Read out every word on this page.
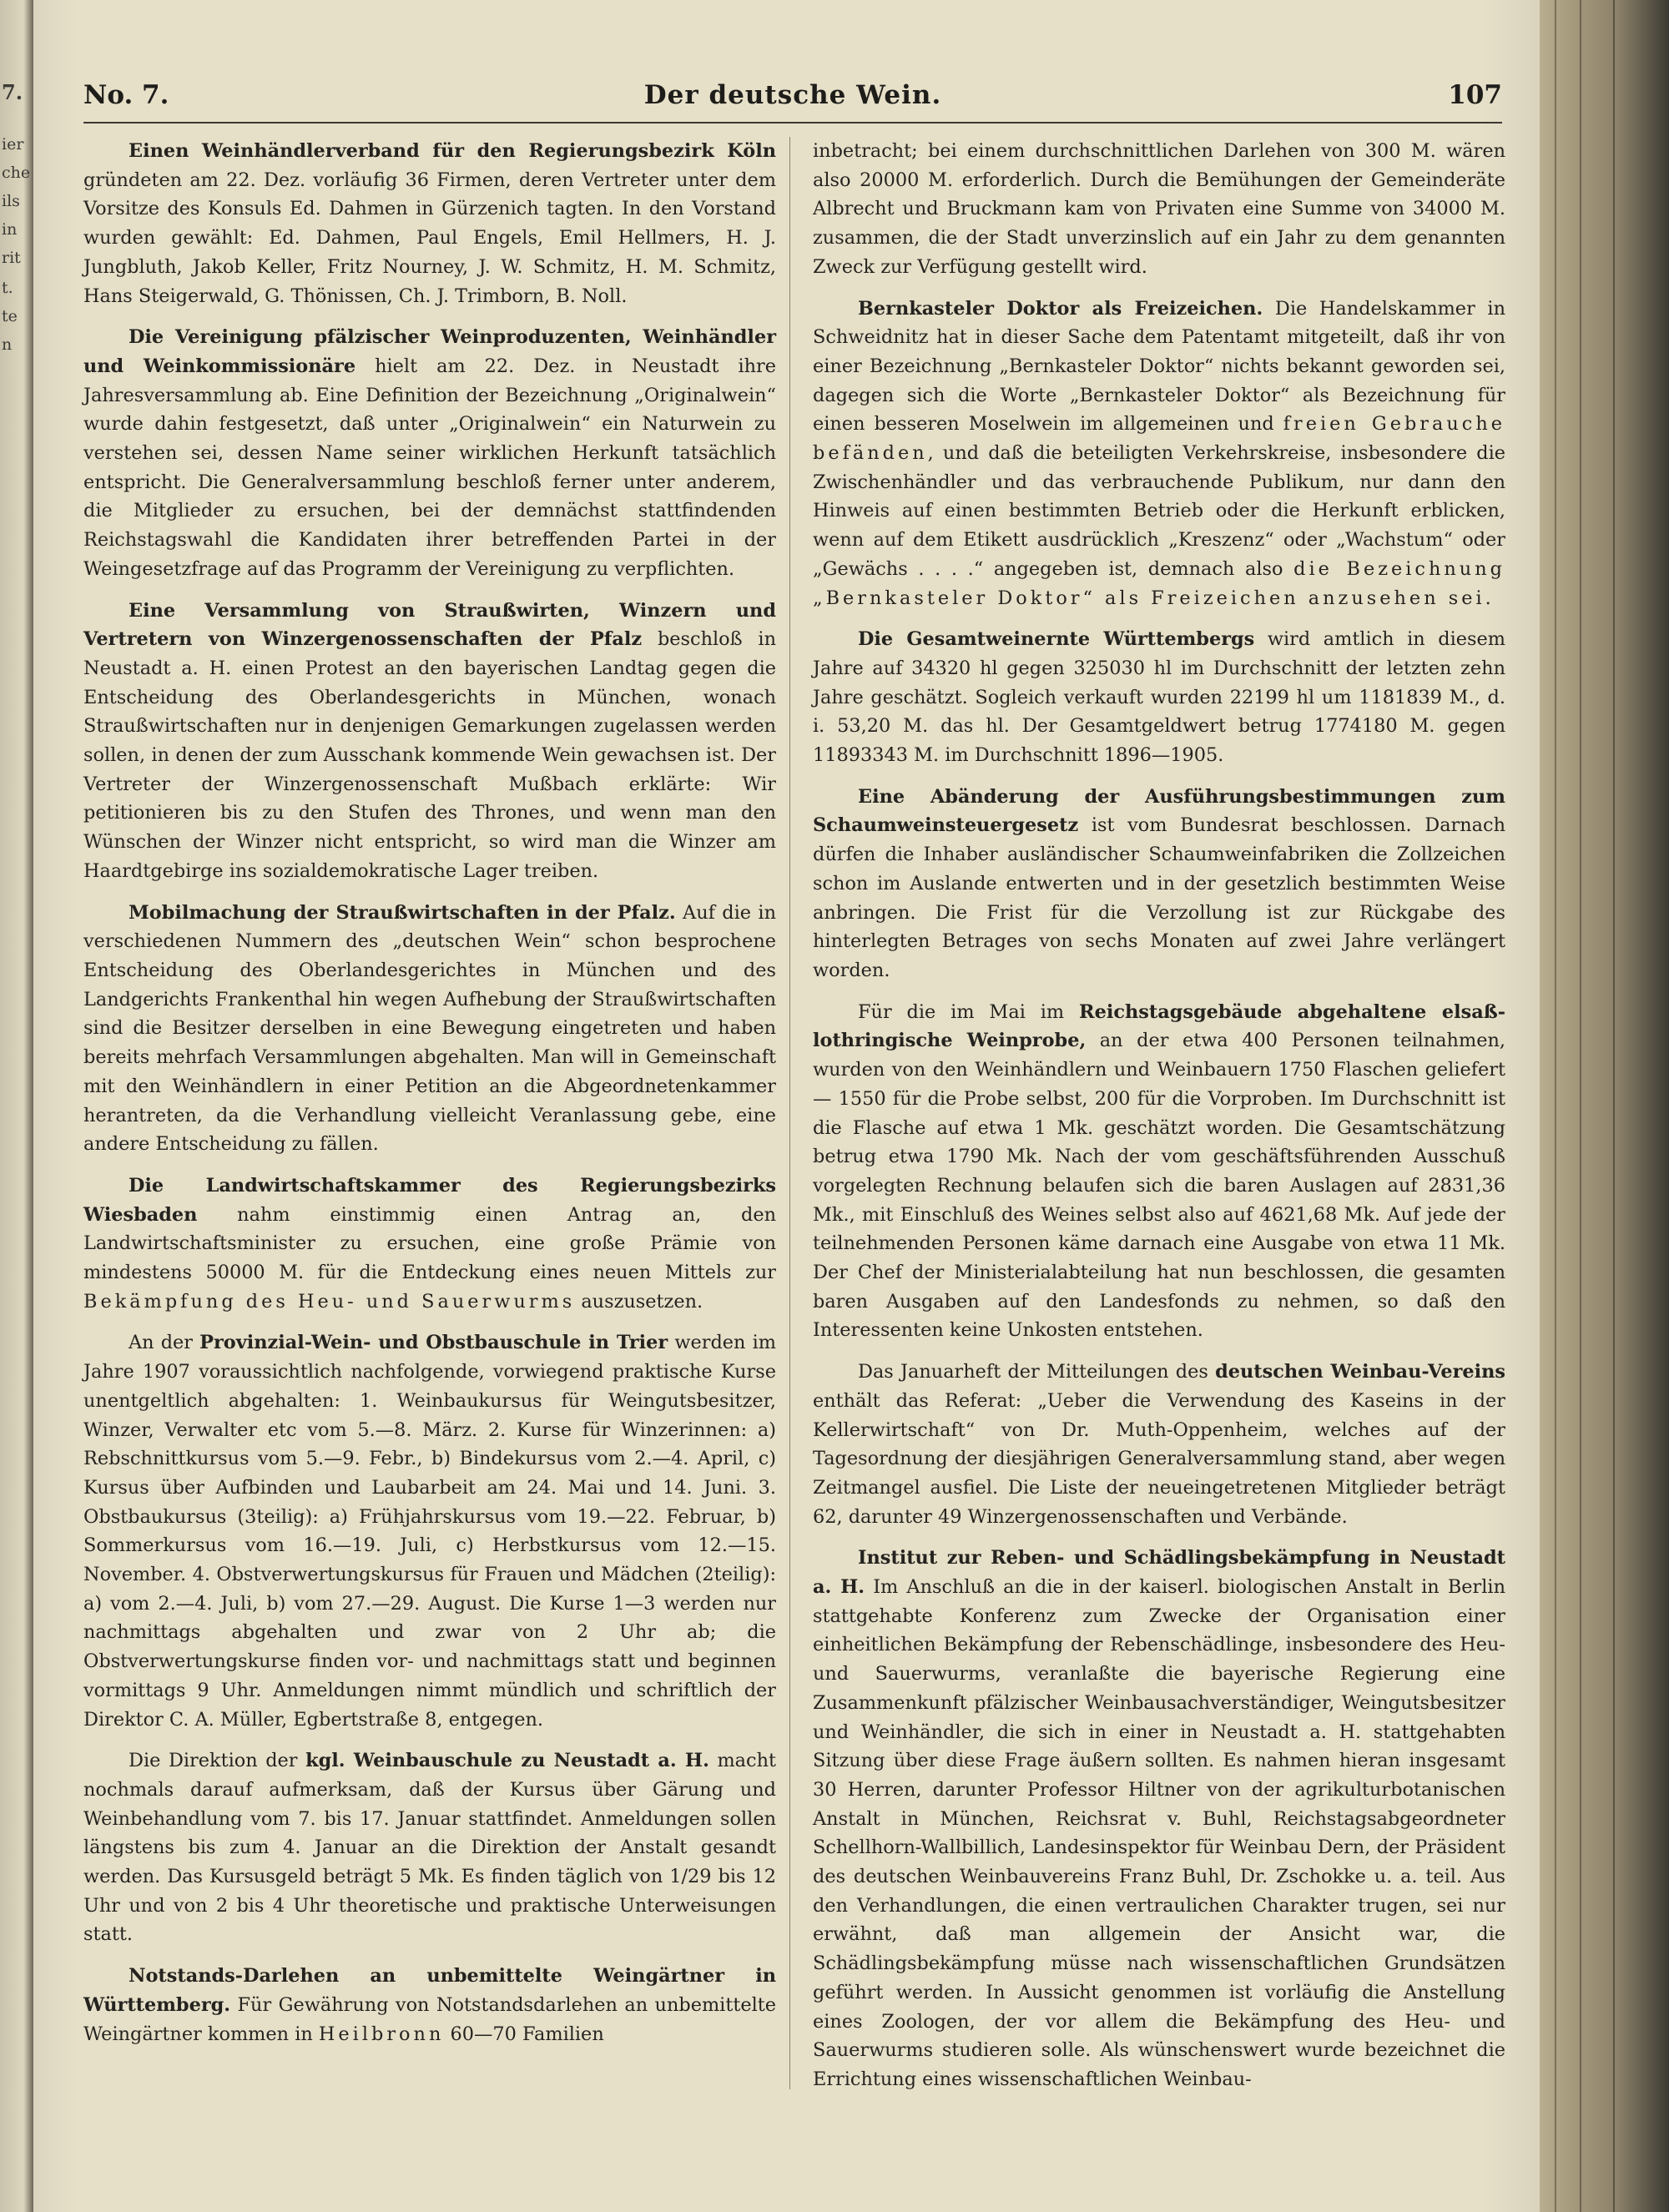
7.
ier
che
ils
in
rit
t.
te
n
No. 7.	Der deutsche Wein.	107

Einen Weinhändlerverband für den Regierungsbezirk Köln gründeten am 22. Dez. vorläufig 36 Firmen, deren Vertreter unter dem Vorsitze des Konsuls Ed. Dahmen in Gürzenich tagten. In den Vorstand wurden gewählt: Ed. Dahmen, Paul Engels, Emil Hellmers, H. J. Jungbluth, Jakob Keller, Fritz Nourney, J. W. Schmitz, H. M. Schmitz, Hans Steigerwald, G. Thönissen, Ch. J. Trimborn, B. Noll.

Die Vereinigung pfälzischer Weinproduzenten, Weinhändler und Weinkommissionäre hielt am 22. Dez. in Neustadt ihre Jahresversammlung ab. Eine Definition der Bezeichnung „Originalwein“ wurde dahin festgesetzt, daß unter „Originalwein“ ein Naturwein zu verstehen sei, dessen Name seiner wirklichen Herkunft tatsächlich entspricht. Die Generalversammlung beschloß ferner unter anderem, die Mitglieder zu ersuchen, bei der demnächst stattfindenden Reichstagswahl die Kandidaten ihrer betreffenden Partei in der Weingesetzfrage auf das Programm der Vereinigung zu verpflichten.

Eine Versammlung von Straußwirten, Winzern und Vertretern von Winzergenossenschaften der Pfalz beschloß in Neustadt a. H. einen Protest an den bayerischen Landtag gegen die Entscheidung des Oberlandesgerichts in München, wonach Straußwirtschaften nur in denjenigen Gemarkungen zugelassen werden sollen, in denen der zum Ausschank kommende Wein gewachsen ist. Der Vertreter der Winzergenossenschaft Mußbach erklärte: Wir petitionieren bis zu den Stufen des Thrones, und wenn man den Wünschen der Winzer nicht entspricht, so wird man die Winzer am Haardtgebirge ins sozialdemokratische Lager treiben.

Mobilmachung der Straußwirtschaften in der Pfalz. Auf die in verschiedenen Nummern des „deutschen Wein“ schon besprochene Entscheidung des Oberlandesgerichtes in München und des Landgerichts Frankenthal hin wegen Aufhebung der Straußwirtschaften sind die Besitzer derselben in eine Bewegung eingetreten und haben bereits mehrfach Versammlungen abgehalten. Man will in Gemeinschaft mit den Weinhändlern in einer Petition an die Abgeordnetenkammer herantreten, da die Verhandlung vielleicht Veranlassung gebe, eine andere Entscheidung zu fällen.

Die Landwirtschaftskammer des Regierungsbezirks Wiesbaden nahm einstimmig einen Antrag an, den Landwirtschaftsminister zu ersuchen, eine große Prämie von mindestens 50000 M. für die Entdeckung eines neuen Mittels zur Bekämpfung des Heu- und Sauerwurms auszusetzen.

An der Provinzial-Wein- und Obstbauschule in Trier werden im Jahre 1907 voraussichtlich nachfolgende, vorwiegend praktische Kurse unentgeltlich abgehalten: 1. Weinbaukursus für Weingutsbesitzer, Winzer, Verwalter etc vom 5.—8. März. 2. Kurse für Winzerinnen: a) Rebschnittkursus vom 5.—9. Febr., b) Bindekursus vom 2.—4. April, c) Kursus über Aufbinden und Laubarbeit am 24. Mai und 14. Juni. 3. Obstbaukursus (3teilig): a) Frühjahrskursus vom 19.—22. Februar, b) Sommerkursus vom 16.—19. Juli, c) Herbstkursus vom 12.—15. November. 4. Obstverwertungskursus für Frauen und Mädchen (2teilig): a) vom 2.—4. Juli, b) vom 27.—29. August. Die Kurse 1—3 werden nur nachmittags abgehalten und zwar von 2 Uhr ab; die Obstverwertungskurse finden vor- und nachmittags statt und beginnen vormittags 9 Uhr. Anmeldungen nimmt mündlich und schriftlich der Direktor C. A. Müller, Egbertstraße 8, entgegen.

Die Direktion der kgl. Weinbauschule zu Neustadt a. H. macht nochmals darauf aufmerksam, daß der Kursus über Gärung und Weinbehandlung vom 7. bis 17. Januar stattfindet. Anmeldungen sollen längstens bis zum 4. Januar an die Direktion der Anstalt gesandt werden. Das Kursusgeld beträgt 5 Mk. Es finden täglich von 1/29 bis 12 Uhr und von 2 bis 4 Uhr theoretische und praktische Unterweisungen statt.

Notstands-Darlehen an unbemittelte Weingärtner in Württemberg. Für Gewährung von Notstandsdarlehen an unbemittelte Weingärtner kommen in Heilbronn 60—70 Familien

inbetracht; bei einem durchschnittlichen Darlehen von 300 M. wären also 20000 M. erforderlich. Durch die Bemühungen der Gemeinderäte Albrecht und Bruckmann kam von Privaten eine Summe von 34000 M. zusammen, die der Stadt unverzinslich auf ein Jahr zu dem genannten Zweck zur Verfügung gestellt wird.

Bernkasteler Doktor als Freizeichen. Die Handelskammer in Schweidnitz hat in dieser Sache dem Patentamt mitgeteilt, daß ihr von einer Bezeichnung „Bernkasteler Doktor“ nichts bekannt geworden sei, dagegen sich die Worte „Bernkasteler Doktor“ als Bezeichnung für einen besseren Moselwein im allgemeinen und freien Gebrauche befänden, und daß die beteiligten Verkehrskreise, insbesondere die Zwischenhändler und das verbrauchende Publikum, nur dann den Hinweis auf einen bestimmten Betrieb oder die Herkunft erblicken, wenn auf dem Etikett ausdrücklich „Kreszenz“ oder „Wachstum“ oder „Gewächs . . . .“ angegeben ist, demnach also die Bezeichnung „Bernkasteler Doktor“ als Freizeichen anzusehen sei.

Die Gesamtweinernte Württembergs wird amtlich in diesem Jahre auf 34320 hl gegen 325030 hl im Durchschnitt der letzten zehn Jahre geschätzt. Sogleich verkauft wurden 22199 hl um 1181839 M., d. i. 53,20 M. das hl. Der Gesamtgeldwert betrug 1774180 M. gegen 11893343 M. im Durchschnitt 1896—1905.

Eine Abänderung der Ausführungsbestimmungen zum Schaumweinsteuergesetz ist vom Bundesrat beschlossen. Darnach dürfen die Inhaber ausländischer Schaumweinfabriken die Zollzeichen schon im Auslande entwerten und in der gesetzlich bestimmten Weise anbringen. Die Frist für die Verzollung ist zur Rückgabe des hinterlegten Betrages von sechs Monaten auf zwei Jahre verlängert worden.

Für die im Mai im Reichstagsgebäude abgehaltene elsaß-lothringische Weinprobe, an der etwa 400 Personen teilnahmen, wurden von den Weinhändlern und Weinbauern 1750 Flaschen geliefert — 1550 für die Probe selbst, 200 für die Vorproben. Im Durchschnitt ist die Flasche auf etwa 1 Mk. geschätzt worden. Die Gesamtschätzung betrug etwa 1790 Mk. Nach der vom geschäftsführenden Ausschuß vorgelegten Rechnung belaufen sich die baren Auslagen auf 2831,36 Mk., mit Einschluß des Weines selbst also auf 4621,68 Mk. Auf jede der teilnehmenden Personen käme darnach eine Ausgabe von etwa 11 Mk. Der Chef der Ministerialabteilung hat nun beschlossen, die gesamten baren Ausgaben auf den Landesfonds zu nehmen, so daß den Interessenten keine Unkosten entstehen.

Das Januarheft der Mitteilungen des deutschen Weinbau-Vereins enthält das Referat: „Ueber die Verwendung des Kaseins in der Kellerwirtschaft“ von Dr. Muth-Oppenheim, welches auf der Tagesordnung der diesjährigen Generalversammlung stand, aber wegen Zeitmangel ausfiel. Die Liste der neueingetretenen Mitglieder beträgt 62, darunter 49 Winzergenossenschaften und Verbände.

Institut zur Reben- und Schädlingsbekämpfung in Neustadt a. H. Im Anschluß an die in der kaiserl. biologischen Anstalt in Berlin stattgehabte Konferenz zum Zwecke der Organisation einer einheitlichen Bekämpfung der Rebenschädlinge, insbesondere des Heu- und Sauerwurms, veranlaßte die bayerische Regierung eine Zusammenkunft pfälzischer Weinbausachverständiger, Weingutsbesitzer und Weinhändler, die sich in einer in Neustadt a. H. stattgehabten Sitzung über diese Frage äußern sollten. Es nahmen hieran insgesamt 30 Herren, darunter Professor Hiltner von der agrikulturbotanischen Anstalt in München, Reichsrat v. Buhl, Reichstagsabgeordneter Schellhorn-Wallbillich, Landesinspektor für Weinbau Dern, der Präsident des deutschen Weinbauvereins Franz Buhl, Dr. Zschokke u. a. teil. Aus den Verhandlungen, die einen vertraulichen Charakter trugen, sei nur erwähnt, daß man allgemein der Ansicht war, die Schädlingsbekämpfung müsse nach wissenschaftlichen Grundsätzen geführt werden. In Aussicht genommen ist vorläufig die Anstellung eines Zoologen, der vor allem die Bekämpfung des Heu- und Sauerwurms studieren solle. Als wünschenswert wurde bezeichnet die Errichtung eines wissenschaftlichen Weinbau-
